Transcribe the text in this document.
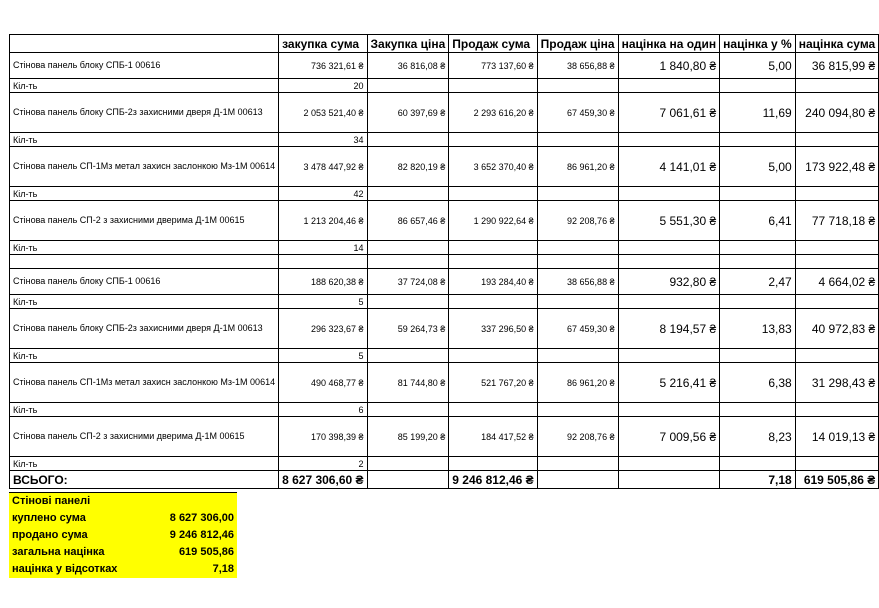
	закупка сума	Закупка ціна	Продаж сума	Продаж ціна	націнка на один	націнка у %	націнка сума
Стінова панель блоку СПБ-1 00616	736 321,61 ₴	36 816,08 ₴	773 137,60 ₴	38 656,88 ₴	1 840,80 ₴	5,00	36 815,99 ₴
Кіл-ть	20						
Стінова панель блоку СПБ-2з захисними дверя Д-1М 00613	2 053 521,40 ₴	60 397,69 ₴	2 293 616,20 ₴	67 459,30 ₴	7 061,61 ₴	11,69	240 094,80 ₴
Кіл-ть	34						
Стінова панель СП-1Мз метал захисн заслонкою Мз-1М 00614	3 478 447,92 ₴	82 820,19 ₴	3 652 370,40 ₴	86 961,20 ₴	4 141,01 ₴	5,00	173 922,48 ₴
Кіл-ть	42						
Стінова панель СП-2 з захисними дверима Д-1М 00615	1 213 204,46 ₴	86 657,46 ₴	1 290 922,64 ₴	92 208,76 ₴	5 551,30 ₴	6,41	77 718,18 ₴
Кіл-ть	14						

Стінова панель блоку СПБ-1 00616	188 620,38 ₴	37 724,08 ₴	193 284,40 ₴	38 656,88 ₴	932,80 ₴	2,47	4 664,02 ₴
Кіл-ть	5						
Стінова панель блоку СПБ-2з захисними дверя Д-1М 00613	296 323,67 ₴	59 264,73 ₴	337 296,50 ₴	67 459,30 ₴	8 194,57 ₴	13,83	40 972,83 ₴
Кіл-ть	5						
Стінова панель СП-1Мз метал захисн заслонкою Мз-1М 00614	490 468,77 ₴	81 744,80 ₴	521 767,20 ₴	86 961,20 ₴	5 216,41 ₴	6,38	31 298,43 ₴
Кіл-ть	6						
Стінова панель СП-2 з захисними дверима Д-1М 00615	170 398,39 ₴	85 199,20 ₴	184 417,52 ₴	92 208,76 ₴	7 009,56 ₴	8,23	14 019,13 ₴
Кіл-ть	2						
ВСЬОГО:	8 627 306,60 ₴		9 246 812,46 ₴			7,18	619 505,86 ₴
Стінові панелі
куплено сума	8 627 306,00
продано сума	9 246 812,46
загальна націнка	619 505,86
націнка у відсотках	7,18
